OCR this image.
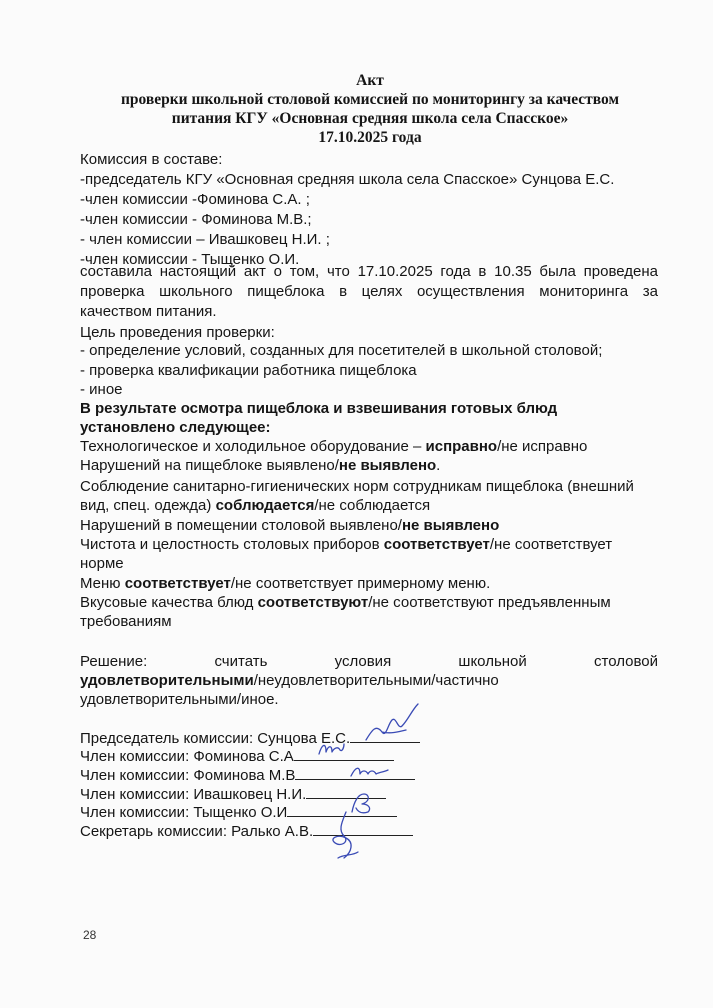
Акт
проверки школьной столовой комиссией по мониторингу за качеством
питания КГУ «Основная средняя школа села Спасское»
17.10.2025 года
Комиссия в составе:
-председатель КГУ «Основная средняя школа села Спасское» Сунцова Е.С.
-член комиссии -Фоминова С.А. ;
-член комиссии - Фоминова М.В.;
- член комиссии – Ивашковец Н.И. ;
-член комиссии - Тыщенко О.И.
составила настоящий акт о том, что 17.10.2025 года в 10.35 была проведена
проверка школьного пищеблока в целях осуществления мониторинга за
качеством питания.
Цель проведения проверки:
- определение условий, созданных для посетителей в школьной столовой;
- проверка квалификации работника пищеблока
- иное
В результате осмотра пищеблока и взвешивания готовых блюд
установлено следующее:
Технологическое и холодильное оборудование – исправно/не исправно
Нарушений на пищеблоке выявлено/не выявлено.
Соблюдение санитарно-гигиенических норм сотрудникам пищеблока (внешний
вид, спец. одежда) соблюдается/не соблюдается
Нарушений в помещении столовой выявлено/не выявлено
Чистота и целостность столовых приборов соответствует/не соответствует
норме
Меню соответствует/не соответствует примерному меню.
Вкусовые качества блюд соответствуют/не соответствуют предъявленным
требованиям
Решение: считать условия школьной столовой
удовлетворительными/неудовлетворительными/частично
удовлетворительными/иное.
Председатель комиссии: Сунцова Е.С.
Член комиссии: Фоминова С.А
Член комиссии: Фоминова М.В
Член комиссии: Ивашковец Н.И.
Член комиссии: Тыщенко О.И
Секретарь комиссии: Ралько А.В.
28
